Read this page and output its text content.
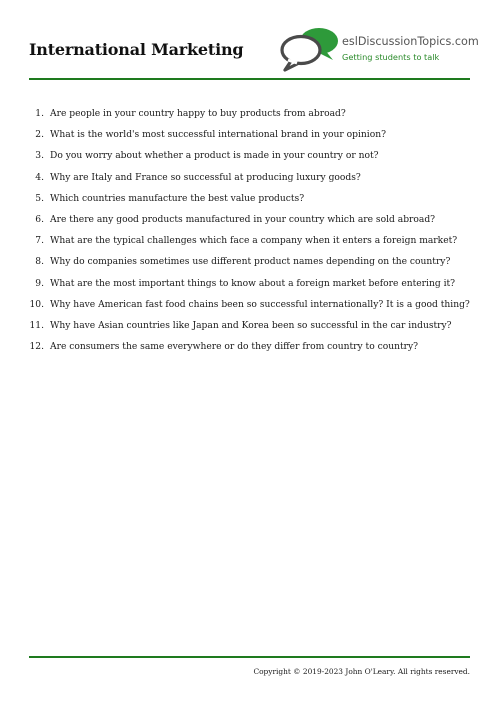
International Marketing	eslDiscussionTopics.com
Getting students to talk
1. Are people in your country happy to buy products from abroad?
2. What is the world's most successful international brand in your opinion?
3. Do you worry about whether a product is made in your country or not?
4. Why are Italy and France so successful at producing luxury goods?
5. Which countries manufacture the best value products?
6. Are there any good products manufactured in your country which are sold abroad?
7. What are the typical challenges which face a company when it enters a foreign market?
8. Why do companies sometimes use different product names depending on the country?
9. What are the most important things to know about a foreign market before entering it?
10. Why have American fast food chains been so successful internationally? It is a good thing?
11. Why have Asian countries like Japan and Korea been so successful in the car industry?
12. Are consumers the same everywhere or do they differ from country to country?
Copyright © 2019-2023 John O'Leary. All rights reserved.
